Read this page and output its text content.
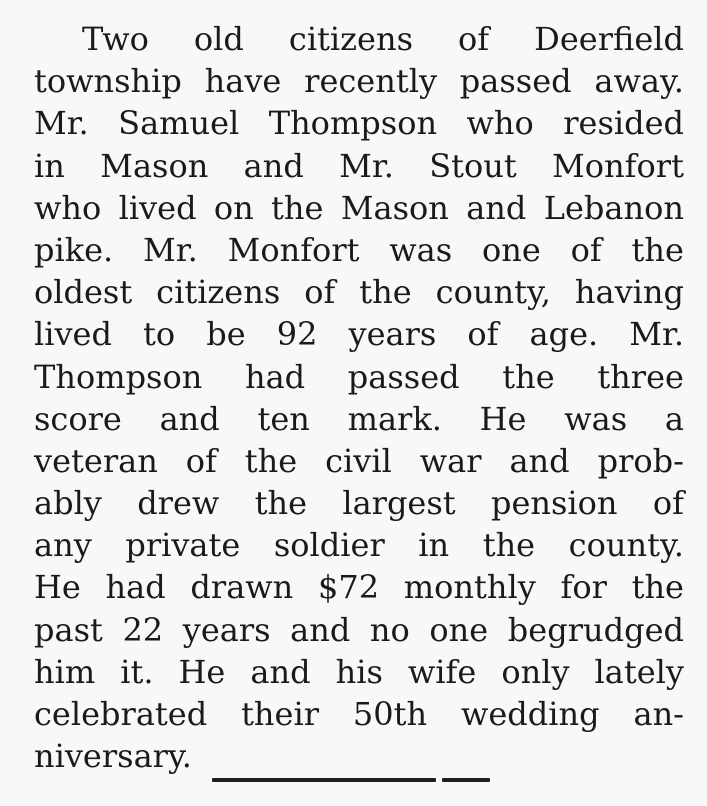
Two old citizens of Deerfield
township have recently passed away.
Mr. Samuel Thompson who resided
in Mason and Mr. Stout Monfort
who lived on the Mason and Lebanon
pike. Mr. Monfort was one of the
oldest citizens of the county, having
lived to be 92 years of age. Mr.
Thompson had passed the three
score and ten mark. He was a
veteran of the civil war and prob-
ably drew the largest pension of
any private soldier in the county.
He had drawn $72 monthly for the
past 22 years and no one begrudged
him it. He and his wife only lately
celebrated their 50th wedding an-
niversary.
